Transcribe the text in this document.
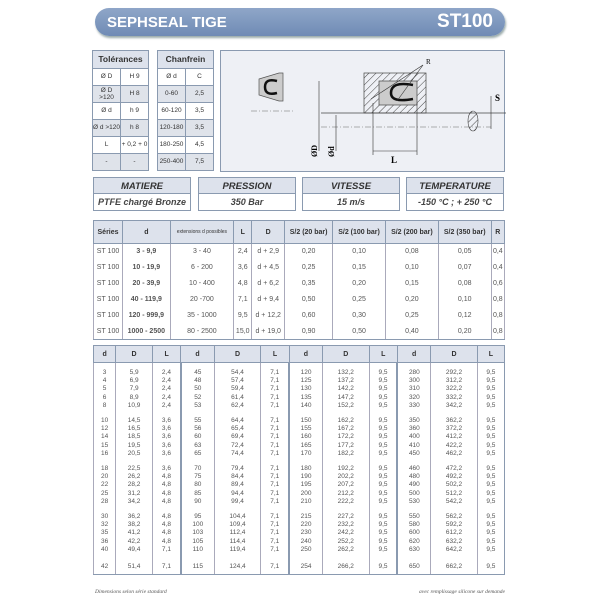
SEPHSEAL TIGE	ST100
Tolérances	
Ø D	H 9
Ø D >120	H 8
Ø d	h 9
Ø d >120	h 8
L	+ 0,2 + 0
-	-
Chanfrein	
Ø d	C
0-60	2,5
60-120	3,5
120-180	3,5
180-250	4,5
250-400	7,5
R
S
ØD Ød
L
MATIERE
PTFE chargé Bronze
PRESSION
350 Bar
VITESSE
15 m/s
TEMPERATURE
-150 °C ; + 250 °C
Séries	d	extensions d possibles	L	D	S/2 (20 bar)	S/2 (100 bar)	S/2 (200 bar)	S/2 (350 bar)	R
ST 100	3 - 9,9	3 - 40	2,4	d + 2,9	0,20	0,10	0,08	0,05	0,4
ST 100	10 - 19,9	6 - 200	3,6	d + 4,5	0,25	0,15	0,10	0,07	0,4
ST 100	20 - 39,9	10 - 400	4,8	d + 6,2	0,35	0,20	0,15	0,08	0,6
ST 100	40 - 119,9	20 -700	7,1	d + 9,4	0,50	0,25	0,20	0,10	0,8
ST 100	120 - 999,9	35 - 1000	9,5	d + 12,2	0,60	0,30	0,25	0,12	0,8
ST 100	1000 - 2500	80 - 2500	15,0	d + 19,0	0,90	0,50	0,40	0,20	0,8
d	D	L	d	D	L	d	D	L	d	D	L

3	5,9	2,4	45	54,4	7,1	120	132,2	9,5	280	292,2	9,5
4	6,9	2,4	48	57,4	7,1	125	137,2	9,5	300	312,2	9,5
5	7,9	2,4	50	59,4	7,1	130	142,2	9,5	310	322,2	9,5
6	8,9	2,4	52	61,4	7,1	135	147,2	9,5	320	332,2	9,5
8	10,9	2,4	53	62,4	7,1	140	152,2	9,5	330	342,2	9,5

10	14,5	3,6	55	64,4	7,1	150	162,2	9,5	350	362,2	9,5
12	16,5	3,6	56	65,4	7,1	155	167,2	9,5	360	372,2	9,5
14	18,5	3,6	60	69,4	7,1	160	172,2	9,5	400	412,2	9,5
15	19,5	3,6	63	72,4	7,1	165	177,2	9,5	410	422,2	9,5
16	20,5	3,6	65	74,4	7,1	170	182,2	9,5	450	462,2	9,5

18	22,5	3,6	70	79,4	7,1	180	192,2	9,5	460	472,2	9,5
20	26,2	4,8	75	84,4	7,1	190	202,2	9,5	480	492,2	9,5
22	28,2	4,8	80	89,4	7,1	195	207,2	9,5	490	502,2	9,5
25	31,2	4,8	85	94,4	7,1	200	212,2	9,5	500	512,2	9,5
28	34,2	4,8	90	99,4	7,1	210	222,2	9,5	530	542,2	9,5

30	36,2	4,8	95	104,4	7,1	215	227,2	9,5	550	562,2	9,5
32	38,2	4,8	100	109,4	7,1	220	232,2	9,5	580	592,2	9,5
35	41,2	4,8	103	112,4	7,1	230	242,2	9,5	600	612,2	9,5
36	42,2	4,8	105	114,4	7,1	240	252,2	9,5	620	632,2	9,5
40	49,4	7,1	110	119,4	7,1	250	262,2	9,5	630	642,2	9,5

42	51,4	7,1	115	124,4	7,1	254	266,2	9,5	650	662,2	9,5
Dimensions selon série standard	avec remplissage silicone sur demande
